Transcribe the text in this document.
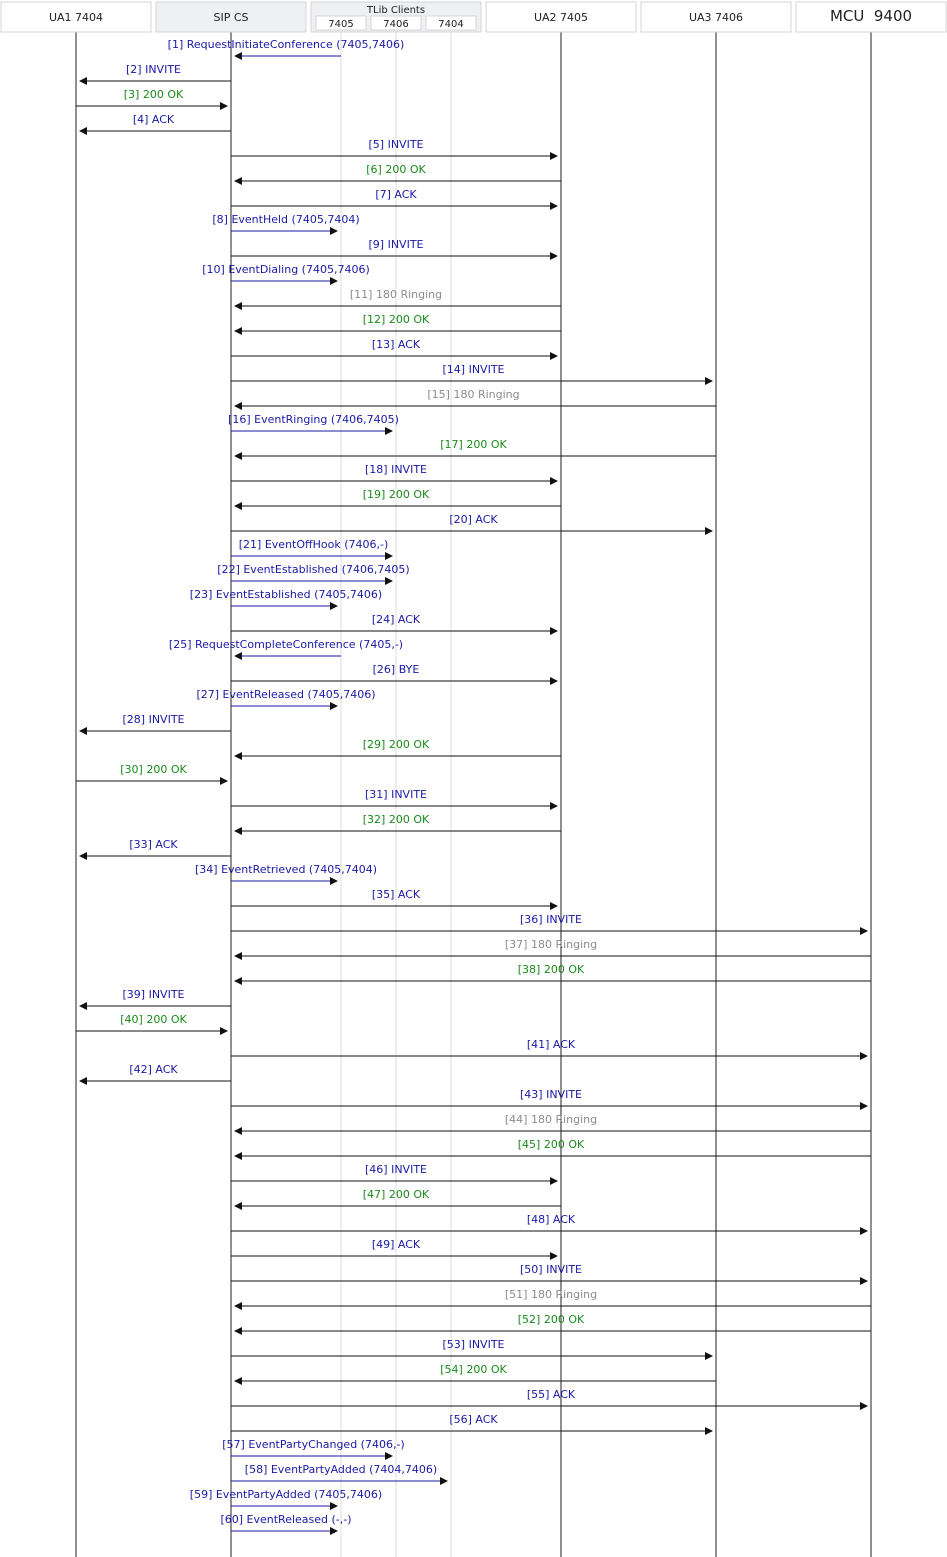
UA1 7404	SIP CS
TLib Clients
7405	7406	7404
UA2 7405	UA3 7406	MCU  9400
[1] RequestInitiateConference (7405,7406)
[2] INVITE
[3] 200 OK
[4] ACK
[5] INVITE
[6] 200 OK
[7] ACK
[8] EventHeld (7405,7404)
[9] INVITE
[10] EventDialing (7405,7406)
[11] 180 Ringing
[12] 200 OK
[13] ACK
[14] INVITE
[15] 180 Ringing
[16] EventRinging (7406,7405)
[17] 200 OK
[18] INVITE
[19] 200 OK
[20] ACK
[21] EventOffHook (7406,-)
[22] EventEstablished (7406,7405)
[23] EventEstablished (7405,7406)
[24] ACK
[25] RequestCompleteConference (7405,-)
[26] BYE
[27] EventReleased (7405,7406)
[28] INVITE
[29] 200 OK
[30] 200 OK
[31] INVITE
[32] 200 OK
[33] ACK
[34] EventRetrieved (7405,7404)
[35] ACK
[36] INVITE
[37] 180 Ringing
[38] 200 OK
[39] INVITE
[40] 200 OK
[41] ACK
[42] ACK
[43] INVITE
[44] 180 Ringing
[45] 200 OK
[46] INVITE
[47] 200 OK
[48] ACK
[49] ACK
[50] INVITE
[51] 180 Ringing
[52] 200 OK
[53] INVITE
[54] 200 OK
[55] ACK
[56] ACK
[57] EventPartyChanged (7406,-)
[58] EventPartyAdded (7404,7406)
[59] EventPartyAdded (7405,7406)
[60] EventReleased (-,-)
